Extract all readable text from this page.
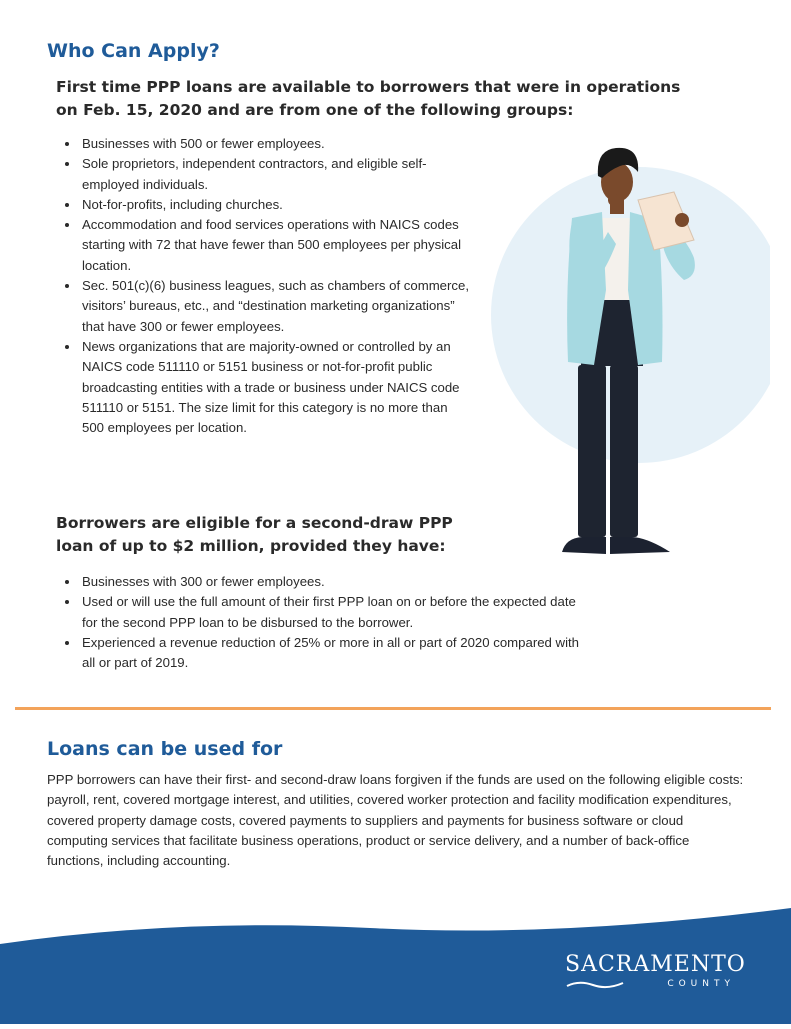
Who Can Apply?

First time PPP loans are available to borrowers that were in operations on Feb. 15, 2020 and are from one of the following groups:

• Businesses with 500 or fewer employees.
• Sole proprietors, independent contractors, and eligible self-employed individuals.
• Not-for-profits, including churches.
• Accommodation and food services operations with NAICS codes starting with 72 that have fewer than 500 employees per physical location.
• Sec. 501(c)(6) business leagues, such as chambers of commerce, visitors’ bureaus, etc., and “destination marketing organizations” that have 300 or fewer employees.
• News organizations that are majority-owned or controlled by an NAICS code 511110 or 5151 business or not-for-profit public broadcasting entities with a trade or business under NAICS code 511110 or 5151. The size limit for this category is no more than 500 employees per location.

Borrowers are eligible for a second-draw PPP loan of up to $2 million, provided they have:

• Businesses with 300 or fewer employees.
• Used or will use the full amount of their first PPP loan on or before the expected date for the second PPP loan to be disbursed to the borrower.
• Experienced a revenue reduction of 25% or more in all or part of 2020 compared with all or part of 2019.
Loans can be used for

PPP borrowers can have their first- and second-draw loans forgiven if the funds are used on the following eligible costs: payroll, rent, covered mortgage interest, and utilities, covered worker protection and facility modification expenditures, covered property damage costs, covered payments to suppliers and payments for business software or cloud computing services that facilitate business operations, product or service delivery, and a number of back-office functions, including accounting.

SACRAMENTO
COUNTY
